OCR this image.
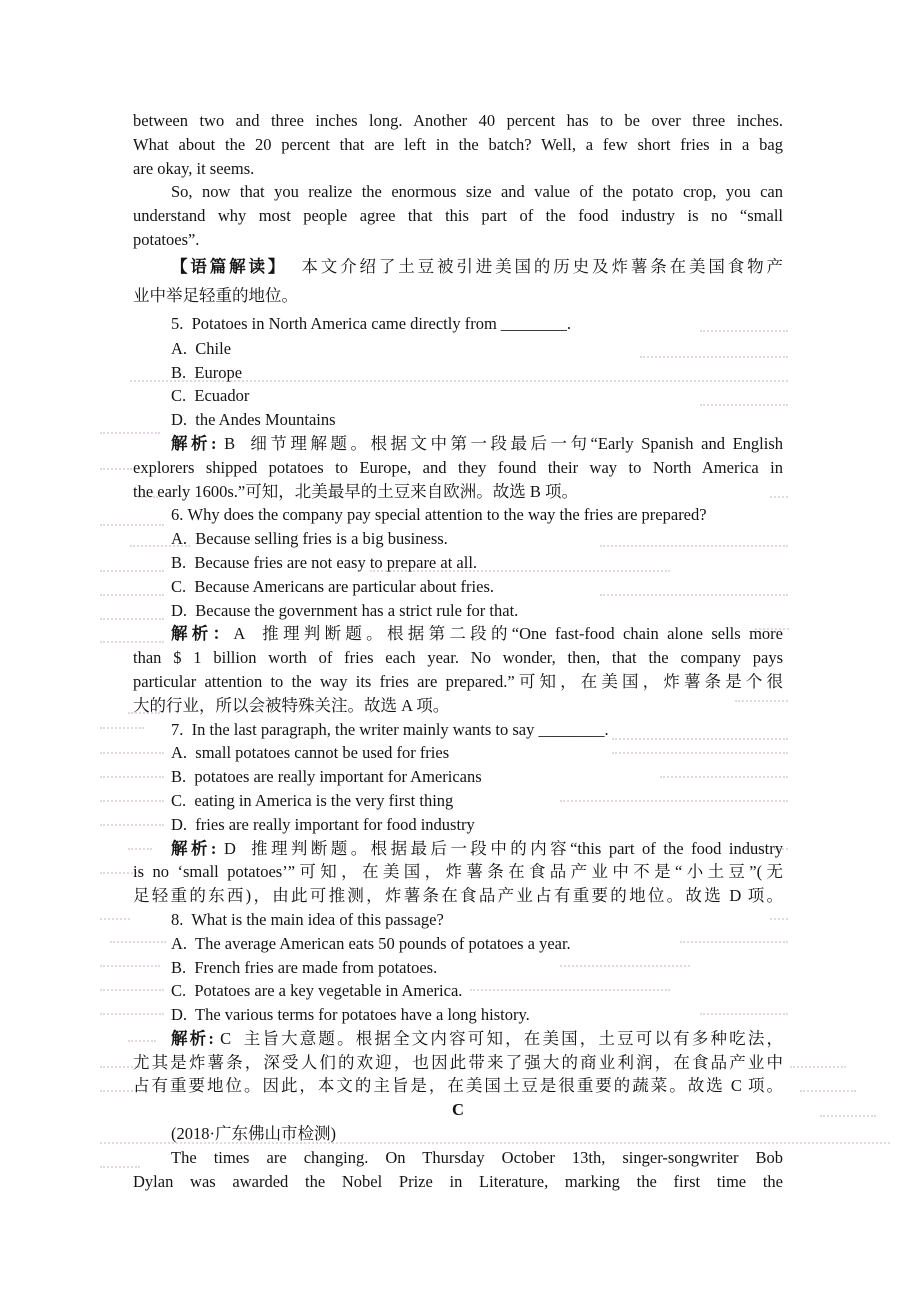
between two and three inches long. Another 40 percent has to be over three inches.
What about the 20 percent that are left in the batch? Well, a few short fries in a bag
are okay, it seems.
So, now that you realize the enormous size and value of the potato crop, you can
understand why most people agree that this part of the food industry is no “small
potatoes”.
【语篇解读】  本文介绍了土豆被引进美国的历史及炸薯条在美国食物产
业中举足轻重的地位。
5.  Potatoes in North America came directly from ________.
A.  Chile
B.  Europe
C.  Ecuador
D.  the Andes Mountains
解析: B  细节理解题。根据文中第一段最后一句“Early Spanish and English
explorers shipped potatoes to Europe, and they found their way to North America in
the early 1600s.”可知，北美最早的土豆来自欧洲。故选 B 项。
6. Why does the company pay special attention to the way the fries are prepared?
A.  Because selling fries is a big business.
B.  Because fries are not easy to prepare at all.
C.  Because Americans are particular about fries.
D.  Because the government has a strict rule for that.
解析：A  推理判断题。根据第二段的“One fast-food chain alone sells more
than $ 1 billion worth of fries each year. No wonder, then, that the company pays
particular attention to the way its fries are prepared.”可知，在美国，炸薯条是个很
大的行业，所以会被特殊关注。故选 A 项。
7.  In the last paragraph, the writer mainly wants to say ________.
A.  small potatoes cannot be used for fries
B.  potatoes are really important for Americans
C.  eating in America is the very first thing
D.  fries are really important for food industry
解析: D  推理判断题。根据最后一段中的内容“this part of the food industry
is no ‘small potatoes’”可知，在美国，炸薯条在食品产业中不是“小土豆”(无
足轻重的东西)，由此可推测，炸薯条在食品产业占有重要的地位。故选 D 项。
8.  What is the main idea of this passage?
A.  The average American eats 50 pounds of potatoes a year.
B.  French fries are made from potatoes.
C.  Potatoes are a key vegetable in America.
D.  The various terms for potatoes have a long history.
解析: C  主旨大意题。根据全文内容可知，在美国，土豆可以有多种吃法，
尤其是炸薯条，深受人们的欢迎，也因此带来了强大的商业利润，在食品产业中
占有重要地位。因此，本文的主旨是，在美国土豆是很重要的蔬菜。故选 C 项。
C
(2018·广东佛山市检测)
The times are changing. On Thursday October 13th, singer-songwriter Bob
Dylan was awarded the Nobel Prize in Literature, marking the first time the
